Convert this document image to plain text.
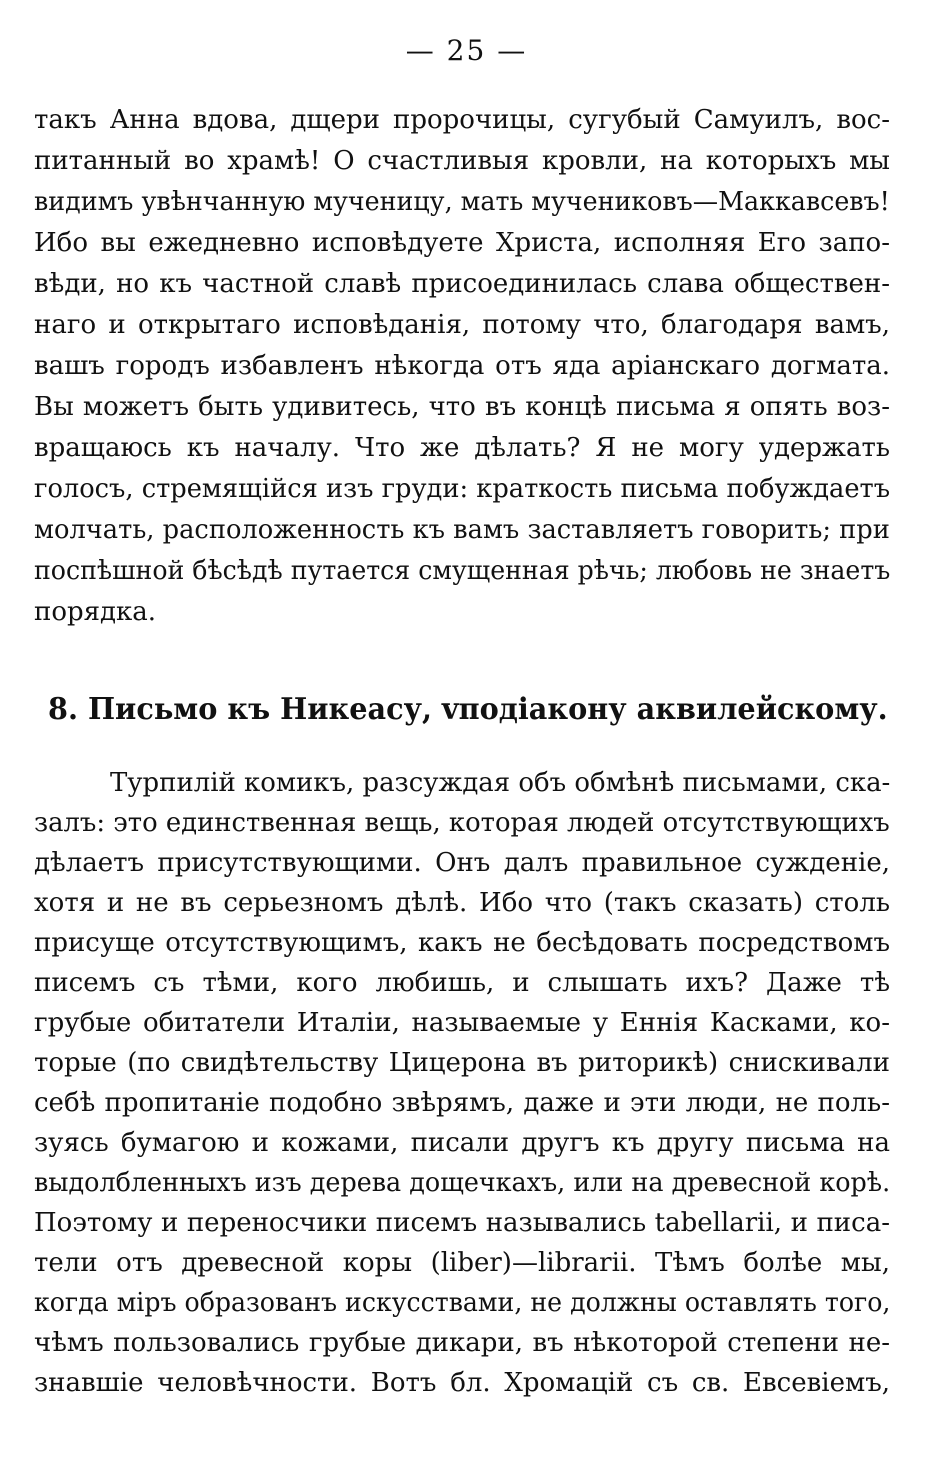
— 25 —
такъ Анна вдова, дщери пророчицы, сугубый Самуилъ, вос-
питанный во храмѣ! О счастливыя кровли, на которыхъ мы
видимъ увѣнчанную мученицу, мать мучениковъ—Маккавсевъ!
Ибо вы ежедневно исповѣдуете Христа, исполняя Его запо-
вѣди, но къ частной славѣ присоединилась слава обществен-
наго и открытаго исповѣданія, потому что, благодаря вамъ,
вашъ городъ избавленъ нѣкогда отъ яда аріанскаго догмата.
Вы можетъ быть удивитесь, что въ концѣ письма я опять воз-
вращаюсь къ началу. Что же дѣлать? Я не могу удержать
голосъ, стремящійся изъ груди: краткость письма побуждаетъ
молчать, расположенность къ вамъ заставляетъ говорить; при
поспѣшной бѣсѣдѣ путается смущенная рѣчь; любовь не знаетъ
порядка.
8. Письмо къ Никеасу, vподіакону аквилейскому.
Турпилій комикъ, разсуждая объ обмѣнѣ письмами, ска-
залъ: это единственная вещь, которая людей отсутствующихъ
дѣлаетъ присутствующими. Онъ далъ правильное сужденіе,
хотя и не въ серьезномъ дѣлѣ. Ибо что (такъ сказать) столь
присуще отсутствующимъ, какъ не бесѣдовать посредствомъ
писемъ съ тѣми, кого любишь, и слышать ихъ? Даже тѣ
грубые обитатели Италіи, называемые у Еннія Касками, ко-
торые (по свидѣтельству Цицерона въ риторикѣ) снискивали
себѣ пропитаніе подобно звѣрямъ, даже и эти люди, не поль-
зуясь бумагою и кожами, писали другъ къ другу письма на
выдолбленныхъ изъ дерева дощечкахъ, или на древесной корѣ.
Поэтому и переносчики писемъ назывались tabellarii, и писа-
тели отъ древесной коры (liber)—librarii. Тѣмъ болѣе мы,
когда міръ образованъ искусствами, не должны оставлять того,
чѣмъ пользовались грубые дикари, въ нѣкоторой степени не-
знавшіе человѣчности. Вотъ бл. Хромацій съ св. Евсевіемъ,
